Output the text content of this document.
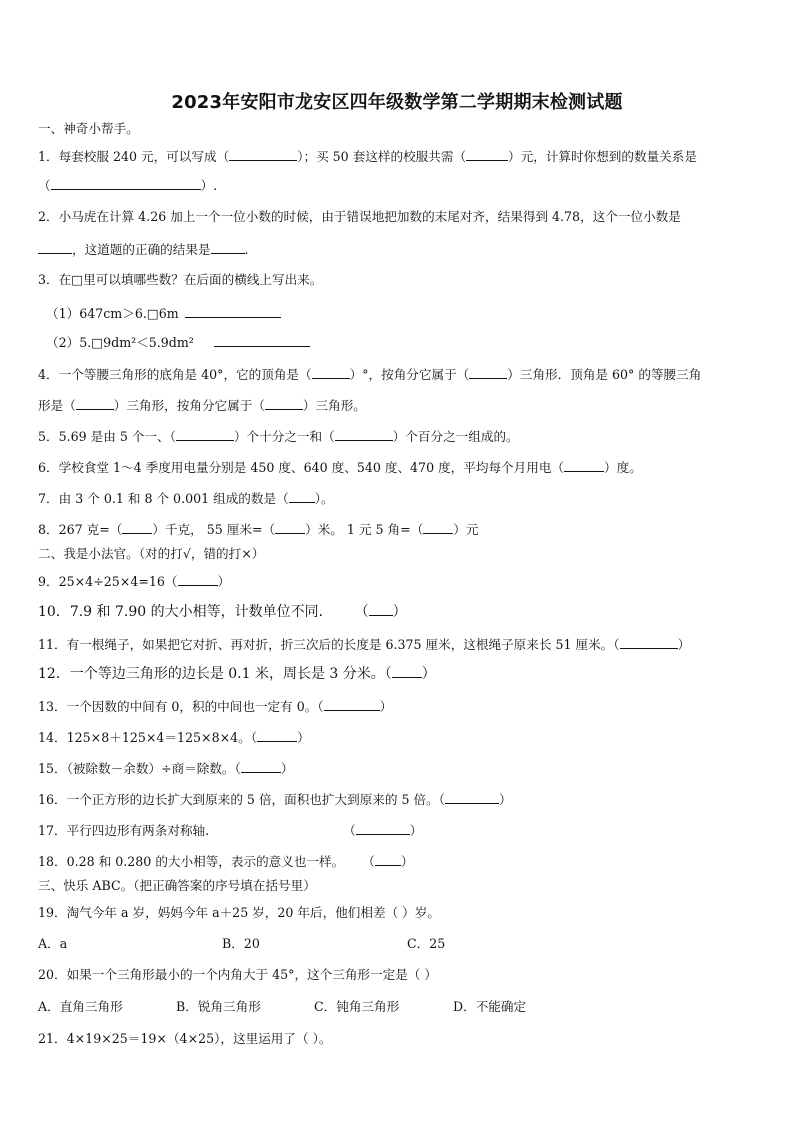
2023年安阳市龙安区四年级数学第二学期期末检测试题
一、神奇小帮手。
1．每套校服 240 元，可以写成（	）；买 50 套这样的校服共需（	）元，计算时你想到的数量关系是
（	）.
2．小马虎在计算 4.26 加上一个一位小数的时候，由于错误地把加数的末尾对齐，结果得到 4.78，这个一位小数是
，这道题的正确的结果是	.
3．在□里可以填哪些数？在后面的横线上写出来。
（1）647cm＞6.□6m
（2）5.□9dm²＜5.9dm²
4．一个等腰三角形的底角是 40°，它的顶角是（	）°，按角分它属于（	）三角形．顶角是 60° 的等腰三角
形是（	）三角形，按角分它属于（	）三角形。
5．5.69 是由 5 个一、（	）个十分之一和（	）个百分之一组成的。
6．学校食堂 1～4 季度用电量分别是 450 度、640 度、540 度、470 度，平均每个月用电（	）度。
7．由 3 个 0.1 和 8 个 0.001 组成的数是（ ）。
8．267 克=（ ）千克， 55 厘米=（ ）米。 1 元 5 角=（ ）元
二、我是小法官。（对的打√，错的打×）
9．25×4÷25×4=16（	）
10．7.9 和 7.90 的大小相等，计数单位不同． （ ）
11．有一根绳子，如果把它对折、再对折，折三次后的长度是 6.375 厘米，这根绳子原来长 51 厘米。（	）
12．一个等边三角形的边长是 0.1 米，周长是 3 分米。（ ）
13．一个因数的中间有 0，积的中间也一定有 0。（	）
14．125×8＋125×4＝125×8×4。（	）
15．（被除数－余数）÷商＝除数。（	）
16．一个正方形的边长扩大到原来的 5 倍，面积也扩大到原来的 5 倍。（	）
17．平行四边形有两条对称轴.	（	）
18．0.28 和 0.280 的大小相等，表示的意义也一样。 （ ）
三、快乐 ABC。（把正确答案的序号填在括号里）
19．淘气今年 a 岁，妈妈今年 a＋25 岁，20 年后，他们相差（ ）岁。
A．a	B．20	C．25
20．如果一个三角形最小的一个内角大于 45°，这个三角形一定是（ ）
A．直角三角形	B．锐角三角形	C．钝角三角形	D．不能确定
21．4×19×25＝19×（4×25），这里运用了（ ）。
